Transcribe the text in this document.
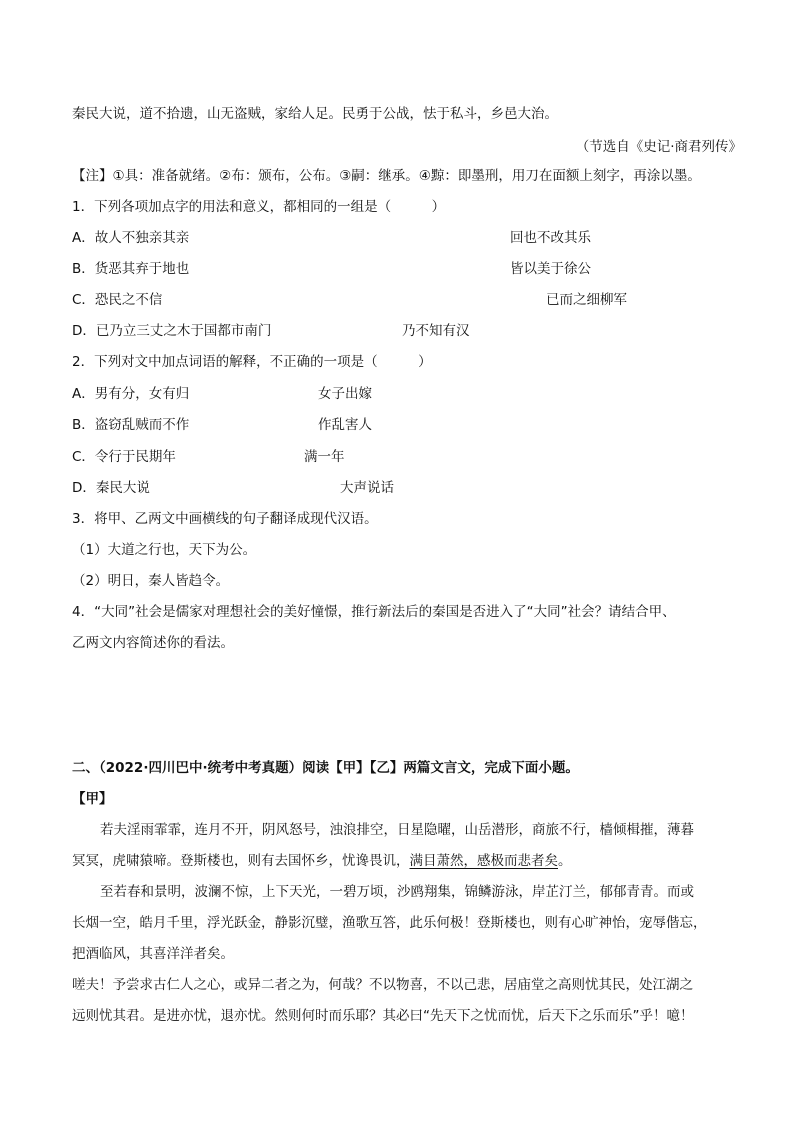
秦民大说，道不拾遗，山无盗贼，家给人足。民勇于公战，怯于私斗，乡邑大治。
（节选自《史记·商君列传》
【注】①具：准备就绪。②布：颁布，公布。③嗣：继承。④黥：即墨刑，用刀在面额上刻字，再涂以墨。
1．下列各项加点字的用法和意义，都相同的一组是（　　　）
A．故人不独亲其亲	回也不改其乐
B．货恶其弃于地也	皆以美于徐公
C．恐民之不信	已而之细柳军
D．已乃立三丈之木于国都市南门	乃不知有汉
2．下列对文中加点词语的解释，不正确的一项是（　　　）
A．男有分，女有归	女子出嫁
B．盗窃乱贼而不作	作乱害人
C．令行于民期年	满一年
D．秦民大说	大声说话
3．将甲、乙两文中画横线的句子翻译成现代汉语。
（1）大道之行也，天下为公。
（2）明日，秦人皆趋令。
4．“大同”社会是儒家对理想社会的美好憧憬，推行新法后的秦国是否进入了“大同”社会？请结合甲、
乙两文内容简述你的看法。
二、（2022·四川巴中·统考中考真题）阅读【甲】【乙】两篇文言文，完成下面小题。
【甲】
若夫淫雨霏霏，连月不开，阴风怒号，浊浪排空，日星隐曜，山岳潜形，商旅不行，樯倾楫摧，薄暮
冥冥，虎啸猿啼。登斯楼也，则有去国怀乡，忧谗畏讥，满目萧然，感极而悲者矣。
至若春和景明，波澜不惊，上下天光，一碧万顷，沙鸥翔集，锦鳞游泳，岸芷汀兰，郁郁青青。而或
长烟一空，皓月千里，浮光跃金，静影沉璧，渔歌互答，此乐何极！登斯楼也，则有心旷神怡，宠辱偕忘，
把酒临风，其喜洋洋者矣。
嗟夫！予尝求古仁人之心，或异二者之为，何哉？不以物喜，不以己悲，居庙堂之高则忧其民，处江湖之
远则忧其君。是进亦忧，退亦忧。然则何时而乐耶？其必曰“先天下之忧而忧，后天下之乐而乐”乎！噫！
